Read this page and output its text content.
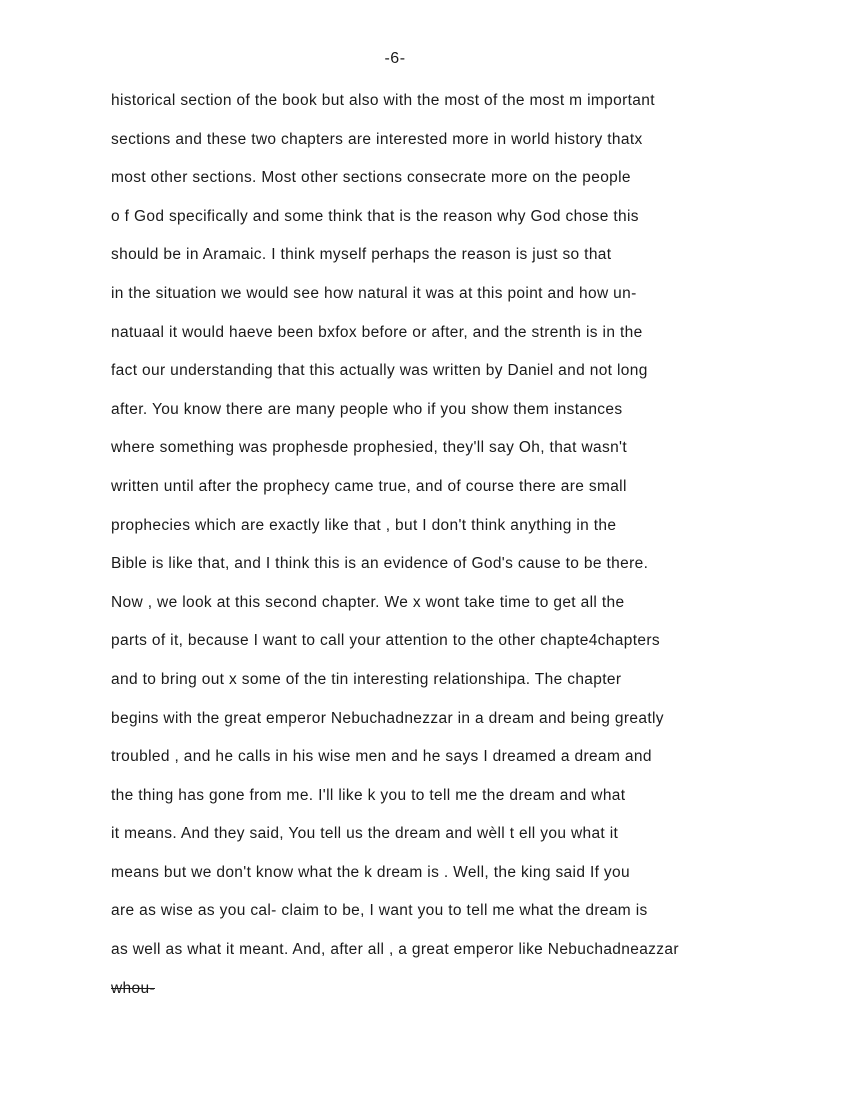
-6-
historical section of the book but also with the most of the most m important
sections and these two chapters are interested more in world history thatx
most other sections. Most other sections consecrate more on the people
o f God specifically and some think that is the reason why God chose this
should be in Aramaic. I think myself perhaps the reason is just so that
in the situation we would see how natural it was at this point and how un-
natuaal it would haeve been bxfox before or after, and the strenth is in the
fact our understanding that this actually was written by Daniel and not long
after. You know there are many people who if you show them instances
where something was prophesde prophesied, they'll say Oh, that wasn't
written until after the prophecy came true, and of course there are small
prophecies which are exactly like that , but I don't think anything in the
Bible is like that, and I think this is an evidence of God's cause to be there.
Now , we look at this second chapter. We x wont take time to get all the
parts of it, because I want to call your attention to the other chapte4chapters
and to bring out x some of the tin interesting relationshipa. The chapter
begins with the great emperor Nebuchadnezzar in a dream and being greatly
troubled , and he calls in his wise men and he says I dreamed a dream and
the thing has gone from me. I'll like k you to tell me the dream and what
it means. And they said, You tell us the dream and wèll t ell you what it
means but we don't know what the k dream is . Well, the king said If you
are as wise as you cal- claim to be, I want you to tell me what the dream is
as well as what it meant. And, after all , a great emperor like Nebuchadneazzar
whou-
